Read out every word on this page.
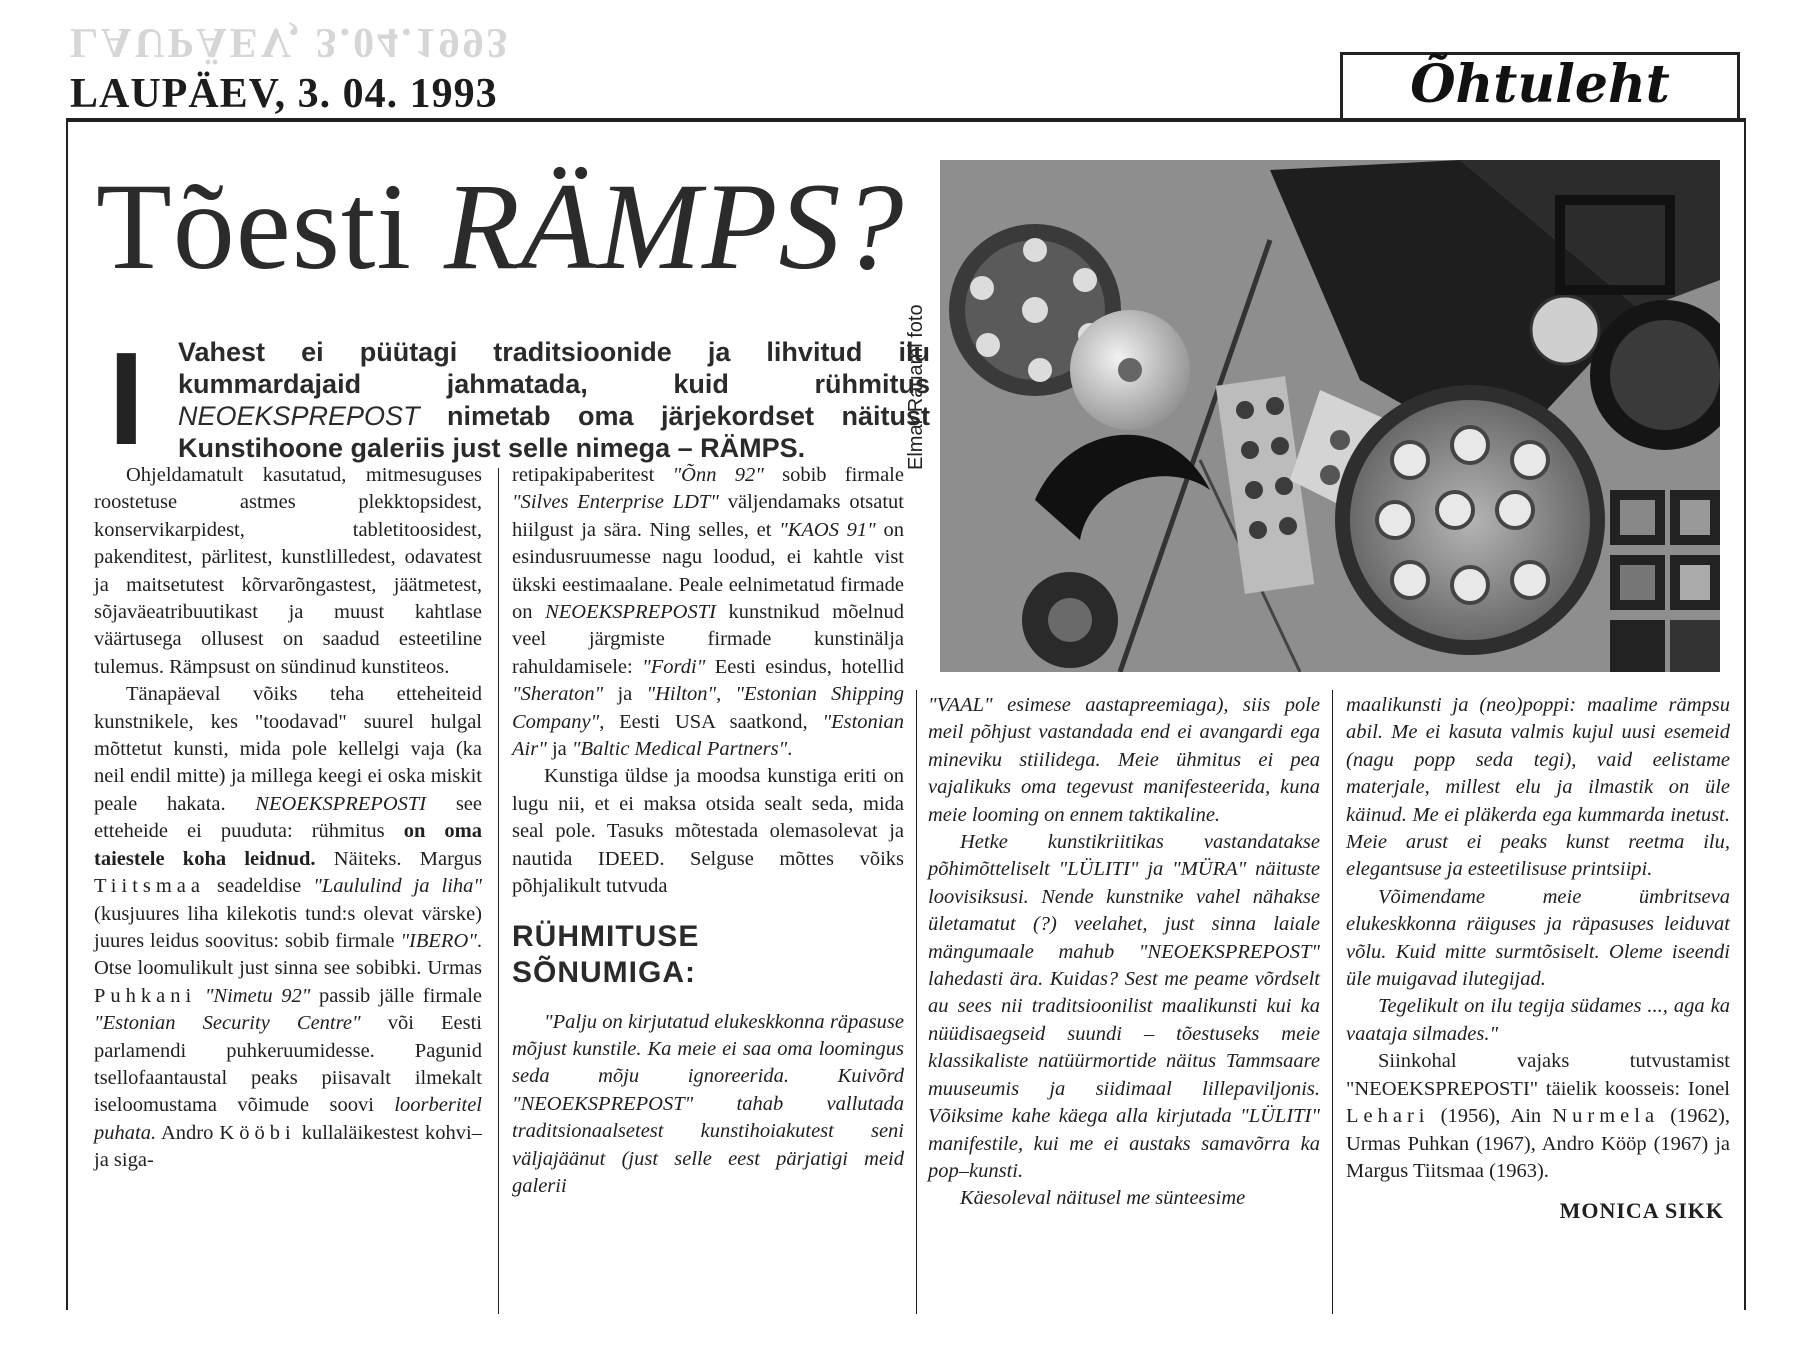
LAUPÄEV, 3.04.1993
LAUPÄEV, 3. 04. 1993	Õhtuleht
Tõesti RÄMPS?
Elmar Rauami foto
I Vahest ei püütagi traditsioonide ja lihvitud ilu kummardajaid jahmatada, kuid rühmitus NEOEKSPREPOST nimetab oma järjekordset näitust Kunstihoone galeriis just selle nimega – RÄMPS.

Ohjeldamatult kasutatud, mitmesuguses roostetuse astmes plekktopsidest, konservikarpidest, tabletitoosidest, pakenditest, pärlitest, kunstlilledest, odavatest ja maitsetutest kõrvarõngastest, jäätmetest, sõjaväeatribuutikast ja muust kahtlase väärtusega ollusest on saadud esteetiline tulemus. Rämpsust on sündinud kunstiteos.

Tänapäeval võiks teha etteheiteid kunstnikele, kes "toodavad" suurel hulgal mõttetut kunsti, mida pole kellelgi vaja (ka neil endil mitte) ja millega keegi ei oska miskit peale hakata. NEOEKSPREPOSTI see etteheide ei puuduta: rühmitus on oma taiestele koha leidnud. Näiteks. Margus Tiitsmaa seadeldise "Laululind ja liha" (kusjuures liha kilekotis tund:s olevat värske) juures leidus soovitus: sobib firmale "IBERO". Otse loomulikult just sinna see sobibki. Urmas Puhkani "Nimetu 92" passib jälle firmale "Estonian Security Centre" või Eesti parlamendi puhkeruumidesse. Pagunid tsellofaantaustal peaks piisavalt ilmekalt iseloomustama võimude soovi loorberitel puhata. Andro Kööbi kullaläikestest kohvi– ja siga-

retipakipaberitest "Õnn 92" sobib firmale "Silves Enterprise LDT" väljendamaks otsatut hiilgust ja sära. Ning selles, et "KAOS 91" on esindusruumesse nagu loodud, ei kahtle vist ükski eestimaalane. Peale eelnimetatud firmade on NEOEKSPREPOSTI kunstnikud mõelnud veel järgmiste firmade kunstinälja rahuldamisele: "Fordi" Eesti esindus, hotellid "Sheraton" ja "Hilton", "Estonian Shipping Company", Eesti USA saatkond, "Estonian Air" ja "Baltic Medical Partners".

Kunstiga üldse ja moodsa kunstiga eriti on lugu nii, et ei maksa otsida sealt seda, mida seal pole. Tasuks mõtestada olemasolevat ja nautida IDEED. Selguse mõttes võiks põhjalikult tutvuda

RÜHMITUSE
SÕNUMIGA:

"Palju on kirjutatud elukeskkonna räpasuse mõjust kunstile. Ka meie ei saa oma loomingus seda mõju ignoreerida. Kuivõrd "NEOEKSPREPOST" tahab vallutada traditsionaalsetest kunstihoiakutest seni väljajäänut (just selle eest pärjatigi meid galerii

"VAAL" esimese aastapreemiaga), siis pole meil põhjust vastandada end ei avangardi ega mineviku stiilidega. Meie ühmitus ei pea vajalikuks oma tegevust manifesteerida, kuna meie looming on ennem taktikaline.

Hetke kunstikriitikas vastandatakse põhimõtteliselt "LÜLITI" ja "MÜRA" näituste loovisiksusi. Nende kunstnike vahel nähakse ületamatut (?) veelahet, just sinna laiale mängumaale mahub "NEOEKSPREPOST" lahedasti ära. Kuidas? Sest me peame võrdselt au sees nii traditsioonilist maalikunsti kui ka nüüdisaegseid suundi – tõestuseks meie klassikaliste natüürmortide näitus Tammsaare muuseumis ja siidimaal lillepaviljonis. Võiksime kahe käega alla kirjutada "LÜLITI" manifestile, kui me ei austaks samavõrra ka pop–kunsti.

Käesoleval näitusel me sünteesime

maalikunsti ja (neo)poppi: maalime rämpsu abil. Me ei kasuta valmis kujul uusi esemeid (nagu popp seda tegi), vaid eelistame materjale, millest elu ja ilmastik on üle käinud. Me ei pläkerda ega kummarda inetust. Meie arust ei peaks kunst reetma ilu, elegantsuse ja esteetilisuse printsiipi.

Võimendame meie ümbritseva elukeskkonna räiguses ja räpasuses leiduvat võlu. Kuid mitte surmtõsiselt. Oleme iseendi üle muigavad ilutegijad.

Tegelikult on ilu tegija südames ..., aga ka vaataja silmades."

Siinkohal vajaks tutvustamist "NEOEKSPREPOSTI" täielik koosseis: Ionel Lehari (1956), Ain Nurmela (1962), Urmas Puhkan (1967), Andro Kööp (1967) ja Margus Tiitsmaa (1963).

MONICA SIKK
